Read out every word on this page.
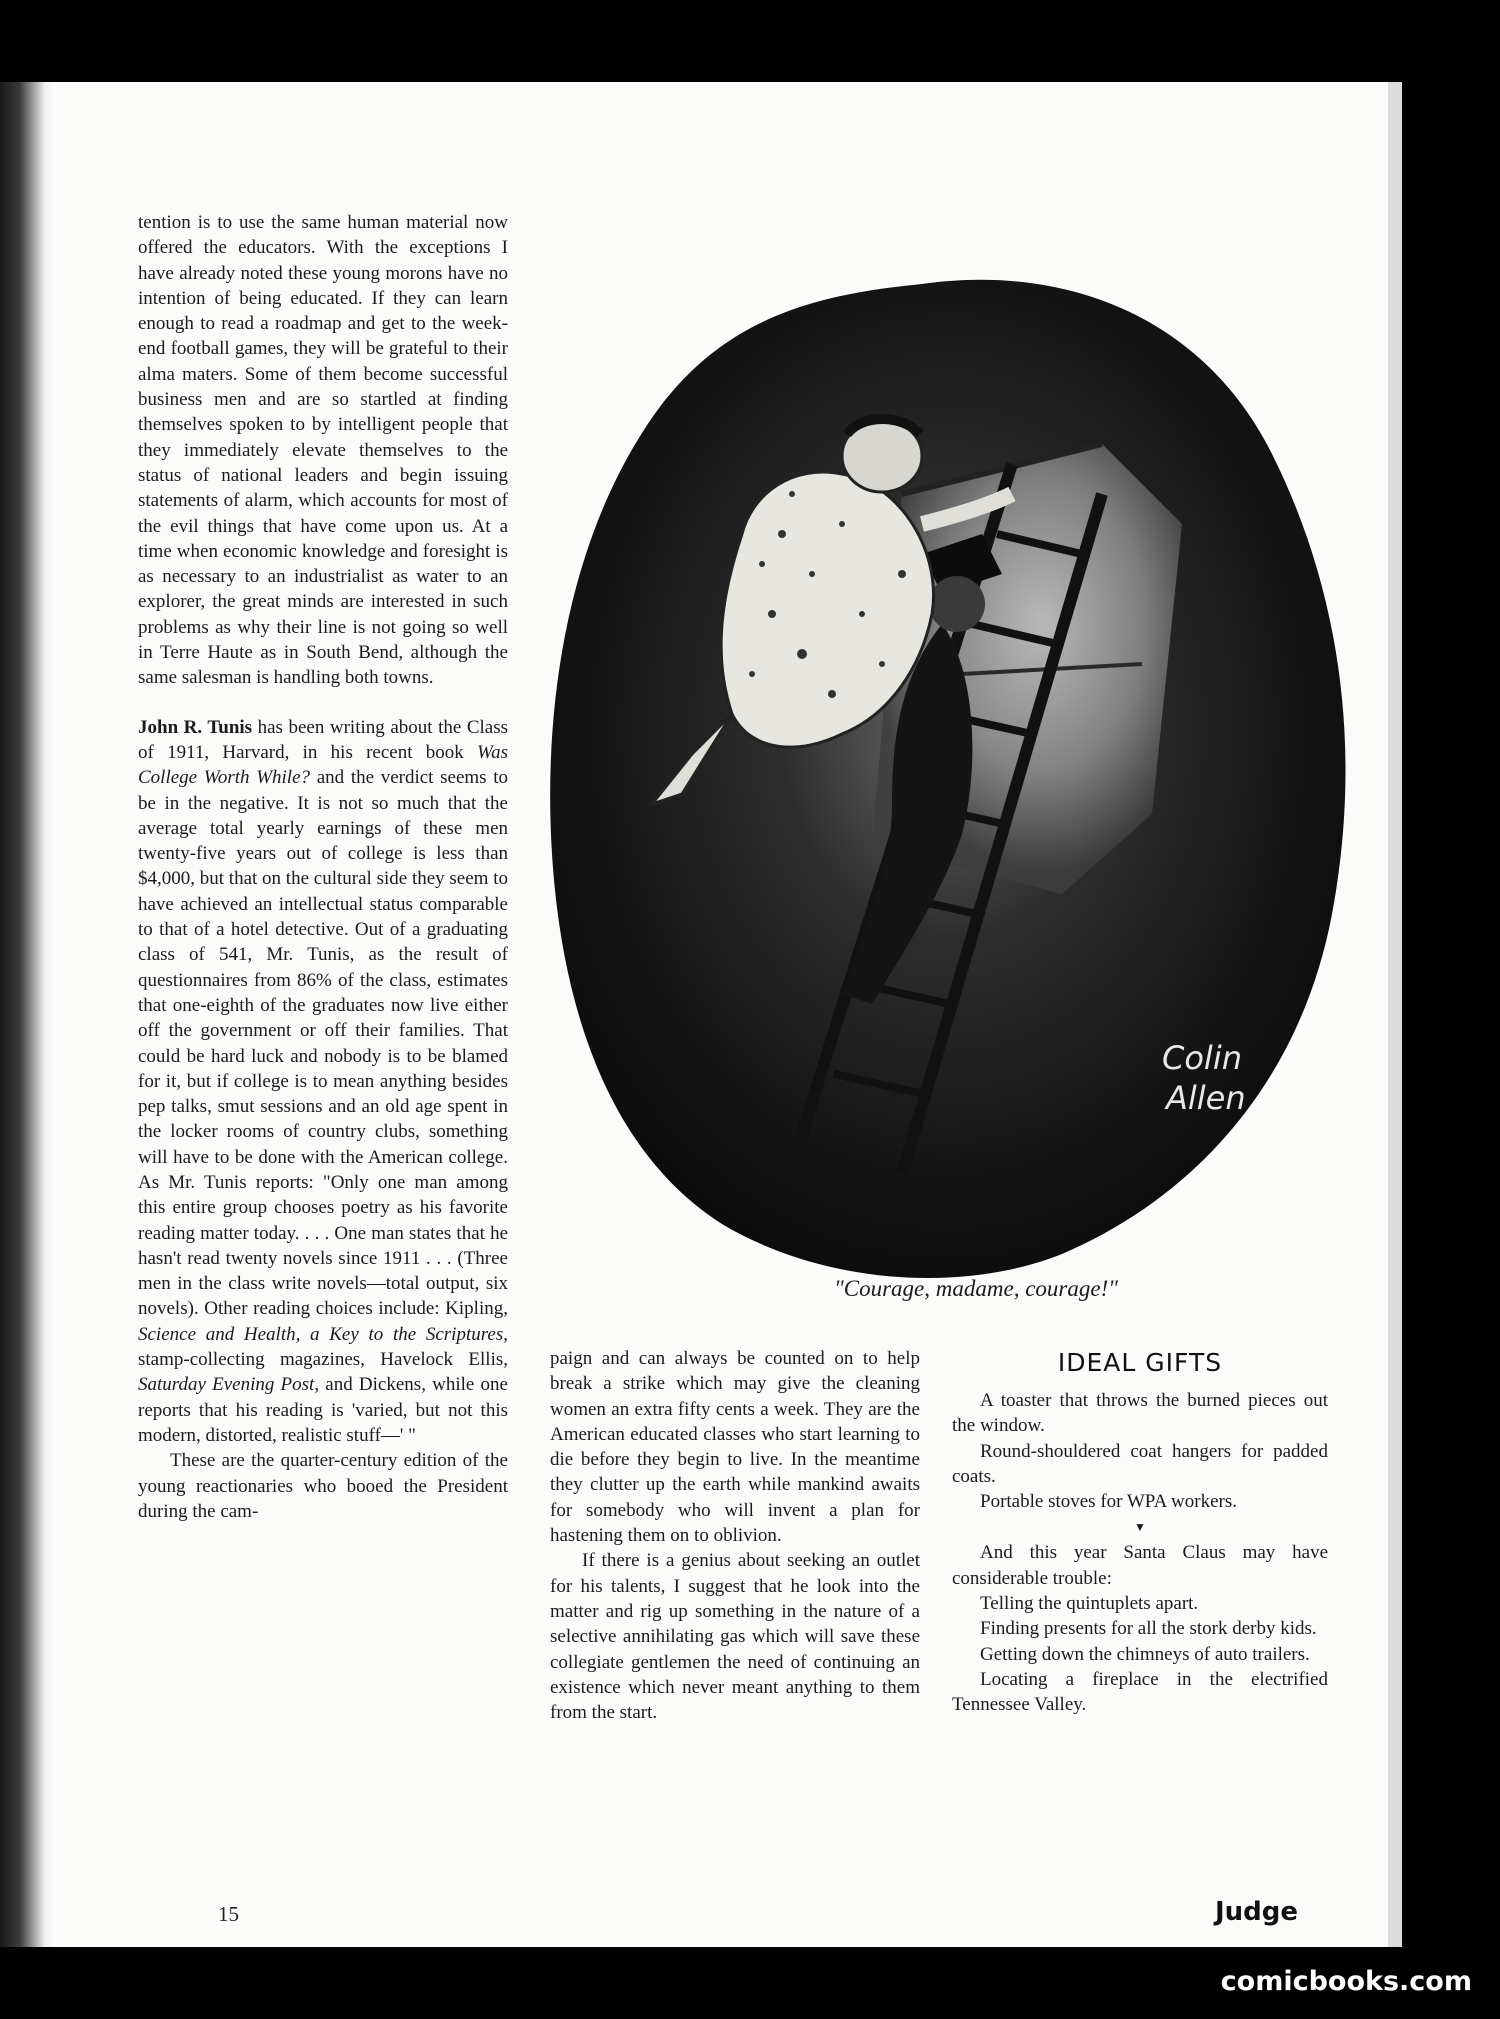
tention is to use the same human material now offered the educators. With the exceptions I have already noted these young morons have no intention of being educated. If they can learn enough to read a roadmap and get to the week-end football games, they will be grateful to their alma maters. Some of them become successful business men and are so startled at finding themselves spoken to by intelligent people that they immediately elevate themselves to the status of national leaders and begin issuing statements of alarm, which accounts for most of the evil things that have come upon us. At a time when economic knowledge and foresight is as necessary to an industrialist as water to an explorer, the great minds are interested in such problems as why their line is not going so well in Terre Haute as in South Bend, although the same salesman is handling both towns.

John R. Tunis has been writing about the Class of 1911, Harvard, in his recent book Was College Worth While? and the verdict seems to be in the negative. It is not so much that the average total yearly earnings of these men twenty-five years out of college is less than $4,000, but that on the cultural side they seem to have achieved an intellectual status comparable to that of a hotel detective. Out of a graduating class of 541, Mr. Tunis, as the result of questionnaires from 86% of the class, estimates that one-eighth of the graduates now live either off the government or off their families. That could be hard luck and nobody is to be blamed for it, but if college is to mean anything besides pep talks, smut sessions and an old age spent in the locker rooms of country clubs, something will have to be done with the American college. As Mr. Tunis reports: "Only one man among this entire group chooses poetry as his favorite reading matter today. . . . One man states that he hasn't read twenty novels since 1911 . . . (Three men in the class write novels—total output, six novels). Other reading choices include: Kipling, Science and Health, a Key to the Scriptures, stamp-collecting magazines, Havelock Ellis, Saturday Evening Post, and Dickens, while one reports that his reading is 'varied, but not this modern, distorted, realistic stuff—' "

These are the quarter-century edition of the young reactionaries who booed the President during the cam-

Colin
Allen
"Courage, madame, courage!"

paign and can always be counted on to help break a strike which may give the cleaning women an extra fifty cents a week. They are the American educated classes who start learning to die before they begin to live. In the meantime they clutter up the earth while mankind awaits for somebody who will invent a plan for hastening them on to oblivion.

If there is a genius about seeking an outlet for his talents, I suggest that he look into the matter and rig up something in the nature of a selective annihilating gas which will save these collegiate gentlemen the need of continuing an existence which never meant anything to them from the start.

IDEAL GIFTS

A toaster that throws the burned pieces out the window.

Round-shouldered coat hangers for padded coats.

Portable stoves for WPA workers.

▼

And this year Santa Claus may have considerable trouble:

Telling the quintuplets apart.

Finding presents for all the stork derby kids.

Getting down the chimneys of auto trailers.

Locating a fireplace in the electrified Tennessee Valley.

15	Judge
comicbooks.com
